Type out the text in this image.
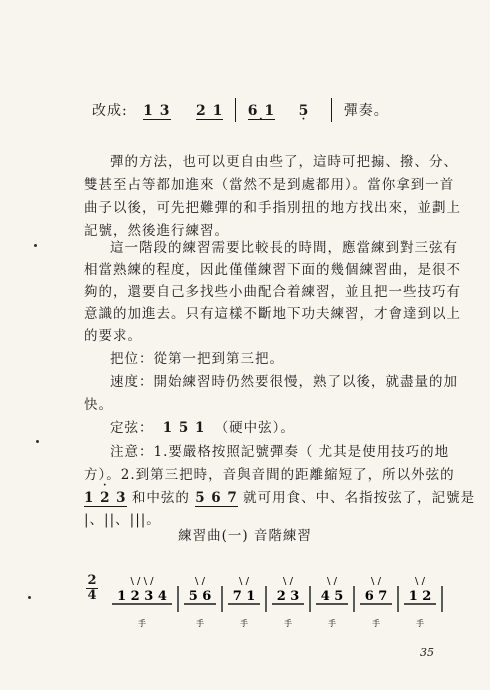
改成: 1 3 2 1 6 1 · 5 · 彈奏。
彈的方法，也可以更自由些了，這時可把搧、撥、分、
雙甚至占等都加進來（當然不是到處都用）。當你拿到一首
曲子以後，可先把難彈的和手指別扭的地方找出來，並劃上
記號，然後進行練習。
這一階段的練習需要比較長的時間，應當練到對三弦有
相當熟練的程度，因此僅僅練習下面的幾個練習曲，是很不
夠的，還要自己多找些小曲配合着練習，並且把一些技巧有
意識的加進去。只有這樣不斷地下功夫練習，才會達到以上
的要求。
把位：從第一把到第三把。
速度：開始練習時仍然要很慢，熟了以後，就盡量的加
快。
定弦： 1 5 1 （硬中弦）。
注意：1.要嚴格按照記號彈奏（ 尤其是使用技巧的地
方）。2.到第三把時，音與音間的距離縮短了，所以外弦的
· 1 2 3 和中弦的 5 6 7 就可用食、中、名指按弦了，記號是
練習曲(一) 音階練習
2
4 1 2 3 4
\ / \ /
手
5 6
\ /
手
7 1
\ /
手
2 3
\ /
手
4 5
\ /
手
6 7
\ /
手
1 2
\ /
手
35
|、||、|||。
